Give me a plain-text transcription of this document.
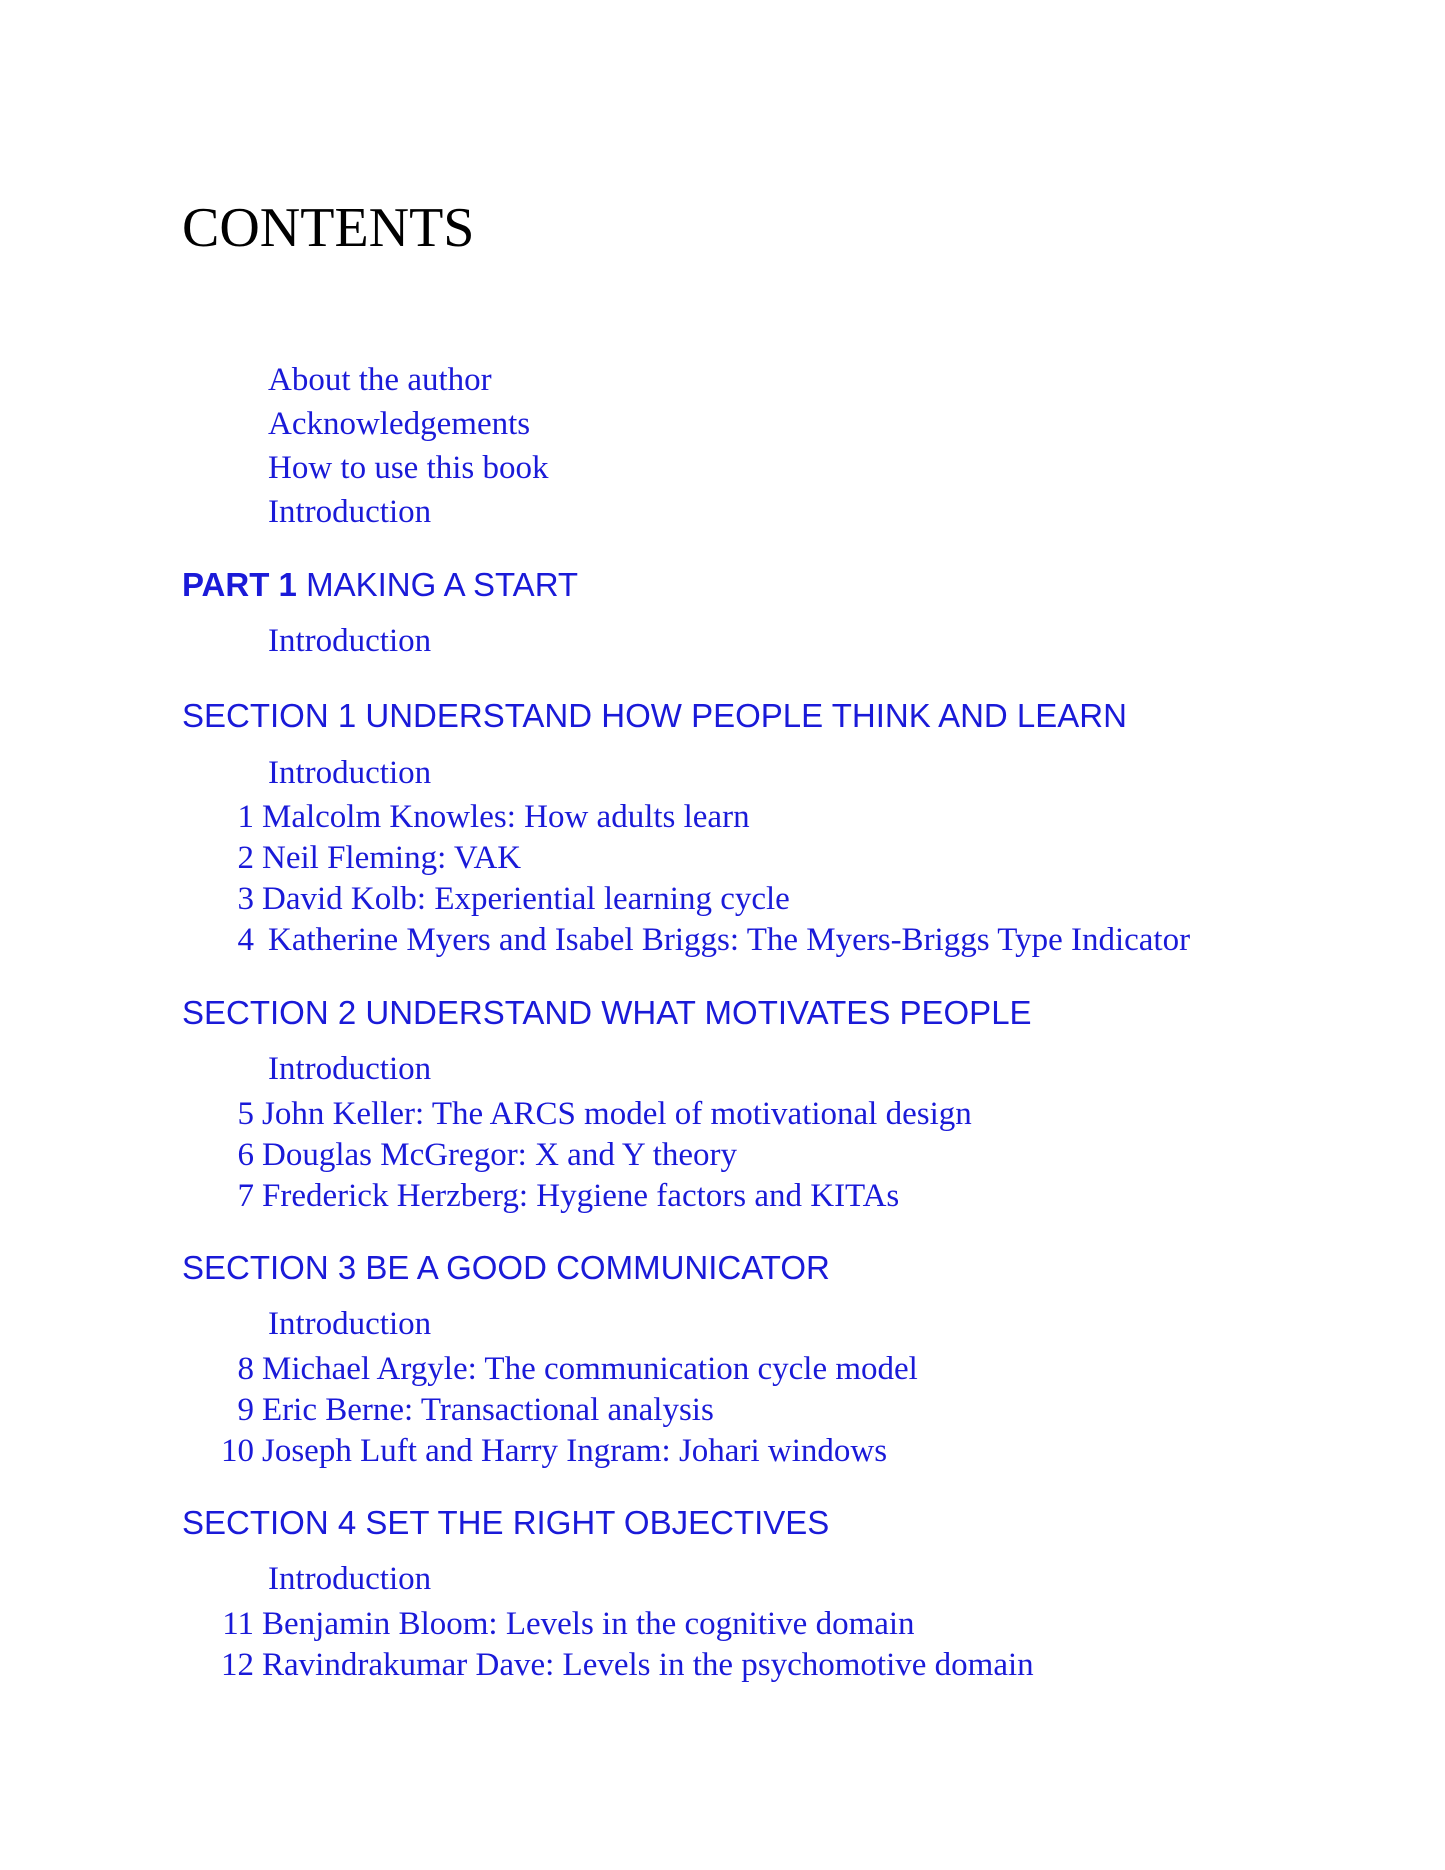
CONTENTS
About the author
Acknowledgements
How to use this book
Introduction
PART 1 MAKING A START
Introduction
SECTION 1 UNDERSTAND HOW PEOPLE THINK AND LEARN
Introduction
1 Malcolm Knowles: How adults learn
2 Neil Fleming: VAK
3 David Kolb: Experiential learning cycle
4 Katherine Myers and Isabel Briggs: The Myers-Briggs Type Indicator
SECTION 2 UNDERSTAND WHAT MOTIVATES PEOPLE
Introduction
5 John Keller: The ARCS model of motivational design
6 Douglas McGregor: X and Y theory
7 Frederick Herzberg: Hygiene factors and KITAs
SECTION 3 BE A GOOD COMMUNICATOR
Introduction
8 Michael Argyle: The communication cycle model
9 Eric Berne: Transactional analysis
10 Joseph Luft and Harry Ingram: Johari windows
SECTION 4 SET THE RIGHT OBJECTIVES
Introduction
11 Benjamin Bloom: Levels in the cognitive domain
12 Ravindrakumar Dave: Levels in the psychomotive domain
